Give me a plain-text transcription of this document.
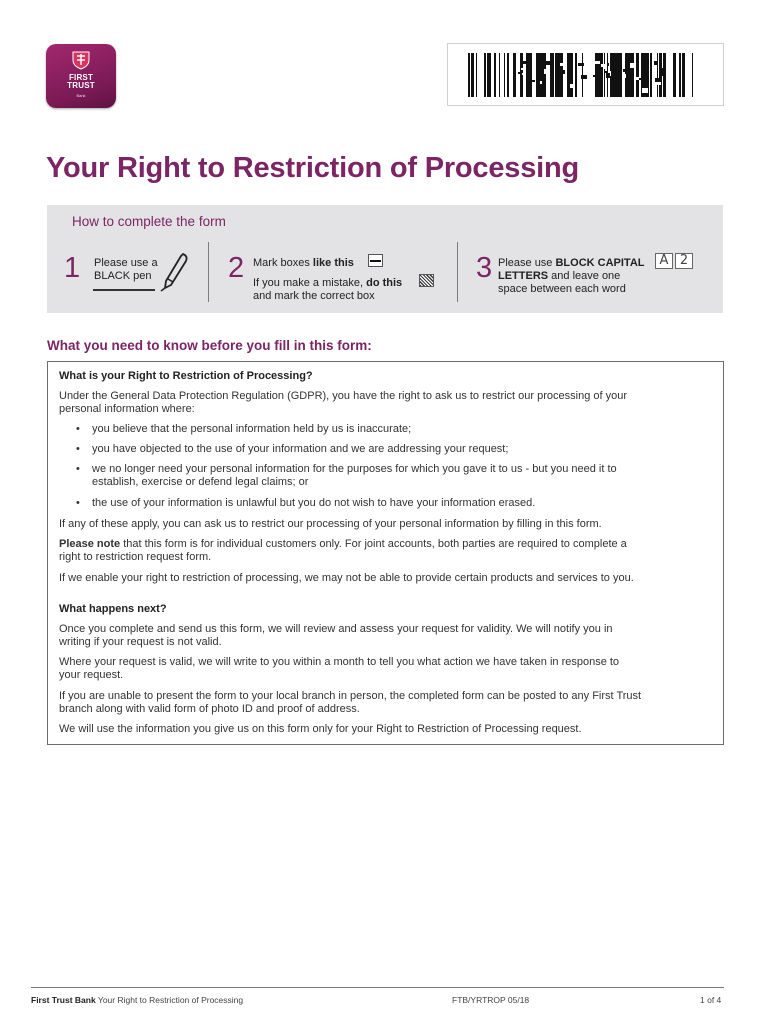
FIRST
TRUST
Bank
Your Right to Restriction of Processing
How to complete the form
1 Please use a
BLACK pen	2 Mark boxes like this
If you make a mistake, do this
and mark the correct box
3 Please use BLOCK CAPITAL
LETTERS and leave one
space between each word
A 2
What you need to know before you fill in this form:
What is your Right to Restriction of Processing?
Under the General Data Protection Regulation (GDPR), you have the right to ask us to restrict our processing of your
personal information where:
• you believe that the personal information held by us is inaccurate;
• you have objected to the use of your information and we are addressing your request;
• we no longer need your personal information for the purposes for which you gave it to us - but you need it to
establish, exercise or defend legal claims; or
• the use of your information is unlawful but you do not wish to have your information erased.
If any of these apply, you can ask us to restrict our processing of your personal information by filling in this form.
Please note that this form is for individual customers only. For joint accounts, both parties are required to complete a
right to restriction request form.
If we enable your right to restriction of processing, we may not be able to provide certain products and services to you.
What happens next?
Once you complete and send us this form, we will review and assess your request for validity. We will notify you in
writing if your request is not valid.
Where your request is valid, we will write to you within a month to tell you what action we have taken in response to
your request.
If you are unable to present the form to your local branch in person, the completed form can be posted to any First Trust
branch along with valid form of photo ID and proof of address.
We will use the information you give us on this form only for your Right to Restriction of Processing request.
First Trust Bank Your Right to Restriction of Processing	FTB/YRTROP 05/18	1 of 4
